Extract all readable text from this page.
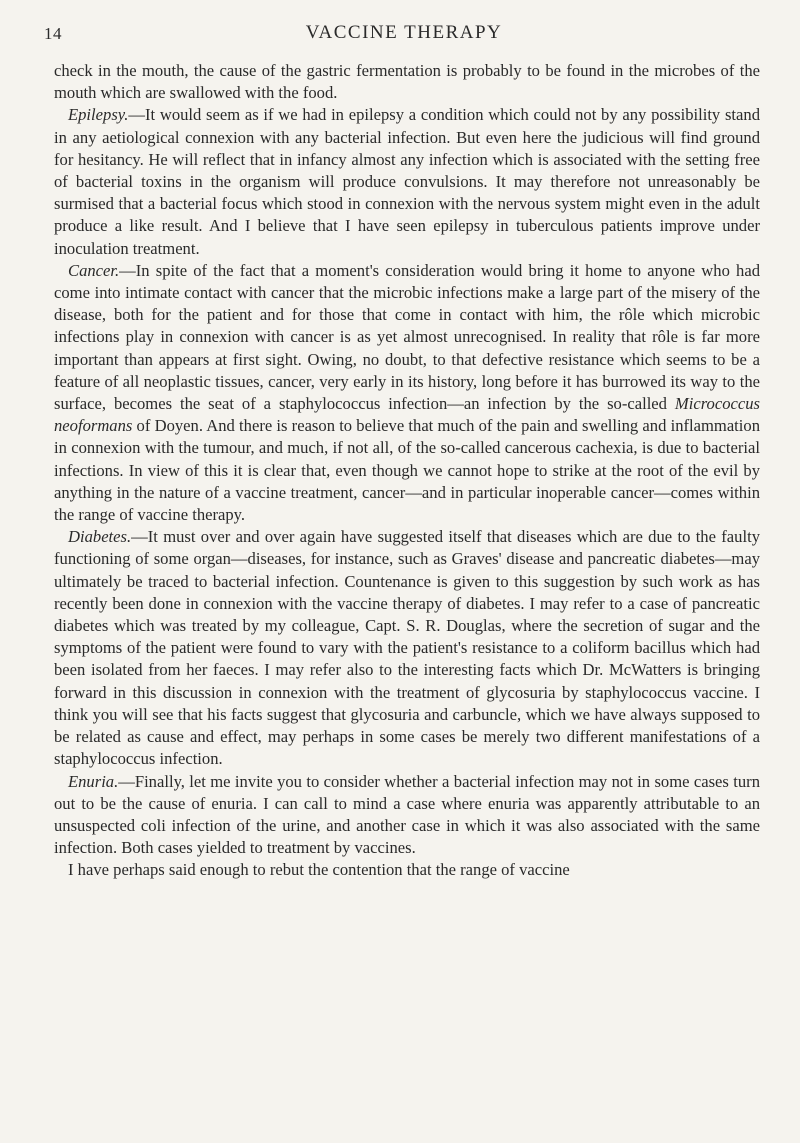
14	VACCINE THERAPY

check in the mouth, the cause of the gastric fermentation is probably to be found in the microbes of the mouth which are swallowed with the food.

Epilepsy.—It would seem as if we had in epilepsy a condition which could not by any possibility stand in any aetiological connexion with any bacterial infection. But even here the judicious will find ground for hesitancy. He will reflect that in infancy almost any infection which is associated with the setting free of bacterial toxins in the organism will produce convulsions. It may therefore not unreasonably be surmised that a bacterial focus which stood in connexion with the nervous system might even in the adult produce a like result. And I believe that I have seen epilepsy in tuberculous patients improve under inoculation treatment.

Cancer.—In spite of the fact that a moment's consideration would bring it home to anyone who had come into intimate contact with cancer that the microbic infections make a large part of the misery of the disease, both for the patient and for those that come in contact with him, the rôle which microbic infections play in connexion with cancer is as yet almost unrecognised. In reality that rôle is far more important than appears at first sight. Owing, no doubt, to that defective resistance which seems to be a feature of all neoplastic tissues, cancer, very early in its history, long before it has burrowed its way to the surface, becomes the seat of a staphylococcus infection—an infection by the so-called Micrococcus neoformans of Doyen. And there is reason to believe that much of the pain and swelling and inflammation in connexion with the tumour, and much, if not all, of the so-called cancerous cachexia, is due to bacterial infections. In view of this it is clear that, even though we cannot hope to strike at the root of the evil by anything in the nature of a vaccine treatment, cancer—and in particular inoperable cancer—comes within the range of vaccine therapy.

Diabetes.—It must over and over again have suggested itself that diseases which are due to the faulty functioning of some organ—diseases, for instance, such as Graves' disease and pancreatic diabetes—may ultimately be traced to bacterial infection. Countenance is given to this suggestion by such work as has recently been done in connexion with the vaccine therapy of diabetes. I may refer to a case of pancreatic diabetes which was treated by my colleague, Capt. S. R. Douglas, where the secretion of sugar and the symptoms of the patient were found to vary with the patient's resistance to a coliform bacillus which had been isolated from her faeces. I may refer also to the interesting facts which Dr. McWatters is bringing forward in this discussion in connexion with the treatment of glycosuria by staphylococcus vaccine. I think you will see that his facts suggest that glycosuria and carbuncle, which we have always supposed to be related as cause and effect, may perhaps in some cases be merely two different manifestations of a staphylococcus infection.

Enuria.—Finally, let me invite you to consider whether a bacterial infection may not in some cases turn out to be the cause of enuria. I can call to mind a case where enuria was apparently attributable to an unsuspected coli infection of the urine, and another case in which it was also associated with the same infection. Both cases yielded to treatment by vaccines.

I have perhaps said enough to rebut the contention that the range of vaccine
